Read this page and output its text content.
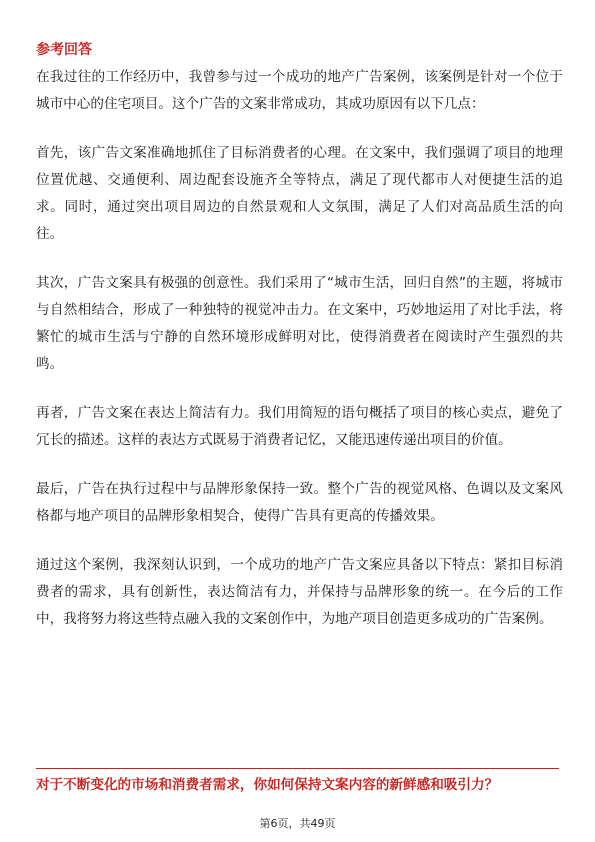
参考回答

在我过往的工作经历中，我曾参与过一个成功的地产广告案例，该案例是针对一个位于城市中心的住宅项目。这个广告的文案非常成功，其成功原因有以下几点：

首先，该广告文案准确地抓住了目标消费者的心理。在文案中，我们强调了项目的地理位置优越、交通便利、周边配套设施齐全等特点，满足了现代都市人对便捷生活的追求。同时，通过突出项目周边的自然景观和人文氛围，满足了人们对高品质生活的向往。

其次，广告文案具有极强的创意性。我们采用了“城市生活，回归自然”的主题，将城市与自然相结合，形成了一种独特的视觉冲击力。在文案中，巧妙地运用了对比手法，将繁忙的城市生活与宁静的自然环境形成鲜明对比，使得消费者在阅读时产生强烈的共鸣。

再者，广告文案在表达上简洁有力。我们用简短的语句概括了项目的核心卖点，避免了冗长的描述。这样的表达方式既易于消费者记忆，又能迅速传递出项目的价值。

最后，广告在执行过程中与品牌形象保持一致。整个广告的视觉风格、色调以及文案风格都与地产项目的品牌形象相契合，使得广告具有更高的传播效果。

通过这个案例，我深刻认识到，一个成功的地产广告文案应具备以下特点：紧扣目标消费者的需求，具有创新性，表达简洁有力，并保持与品牌形象的统一。在今后的工作中，我将努力将这些特点融入我的文案创作中，为地产项目创造更多成功的广告案例。

对于不断变化的市场和消费者需求，你如何保持文案内容的新鲜感和吸引力？

第6页，共49页
